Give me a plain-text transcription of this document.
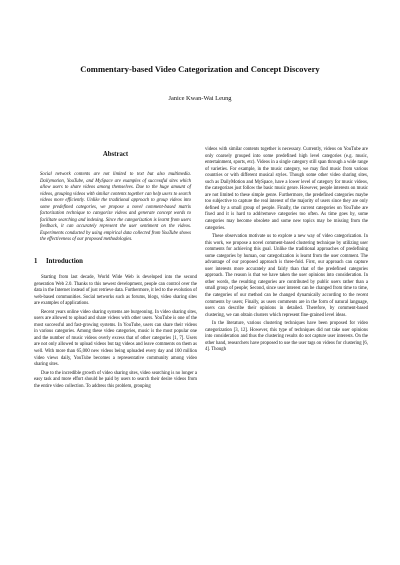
Commentary-based Video Categorization and Concept Discovery
Janice Kwan-Wai Leung
Abstract
Social network contents are not limited to text but also multimedia. Dailymotion, YouTube, and MySpace are examples of successful sites which allow users to share videos among themselves. Due to the huge amount of videos, grouping videos with similar contents together can help users to search videos more efficiently. Unlike the traditional approach to group videos into some predefined categories, we propose a novel comment-based matrix factorization technique to categorize videos and generate concept words to facilitate searching and indexing. Since the categorization is learnt from users feedback, it can accurately represent the user sentiment on the videos. Experiments conducted by using empirical data collected from YouTube shows the effectiveness of our proposed methodologies.
1 Introduction

Starting from last decade, World Wide Web is developed into the second generation Web 2.0. Thanks to this newest development, people can control over the data in the Internet instead of just retrieve data. Furthermore, it led to the evolution of web-based communities. Social networks such as forums, blogs, video sharing sites are examples of applications.

Recent years online video sharing systems are burgeoning. In video sharing sites, users are allowed to upload and share videos with other users. YouTube is one of the most successful and fast-growing systems. In YouTube, users can share their videos in various categories. Among these video categories, music is the most popular one and the number of music videos overly excess that of other categories [1, 7]. Users are not only allowed to upload videos but tag videos and leave comments on them as well. With more than 65,000 new videos being uploaded every day and 100 million video views daily, YouTube becomes a representative community among video sharing sites.

Due to the incredible growth of video sharing sites, video searching is no longer a easy task and more effort should be paid by users to search their desire videos from the entire video collection. To address this problem, grouping

videos with similar contents together is necessary. Currently, videos on YouTube are only coarsely grouped into some predefined high level categories (e.g. music, entertainment, sports, etc). Videos in a single category still span through a wide range of varieties. For example, in the music category, we may find music from various countries or with different musical styles. Though some other video sharing sites, such as DailyMotion and MySpace, have a lower level of category for music videos, the categorizes just follow the basic music genre. However, people interests on music are not limited to these simple genre. Furthermore, the predefined categories maybe too subjective to capture the real interest of the majority of users since they are only defined by a small group of people. Finally, the current categories on YouTube are fixed and it is hard to add/remove categories too often. As time goes by, some categories may become obsolete and some new topics may be missing from the categories.

These observation motivate us to explore a new way of video categorization. In this work, we propose a novel comment-based clustering technique by utilizing user comments for achieving this goal. Unlike the traditional approaches of predefining some categories by human, our categorization is learnt from the user comment. The advantage of our proposed approach is three-fold. First, our approach can capture user interests more accurately and fairly than that of the predefined categories approach. The reason is that we have taken the user opinions into consideration. In other words, the resulting categories are contributed by public users rather than a small group of people; Second, since user interest can be changed from time to time, the categories of our method can be changed dynamically according to the recent comments by users; Finally, as users comments are in the form of natural language, users can describe their opinions in detailed. Therefore, by comment-based clustering, we can obtain clusters which represent fine-grained level ideas.

In the literature, various clustering techniques have been proposed for video categorization [3, 12]. However, this type of techniques did not take user opinions into consideration and thus the clustering results do not capture user interests. On the other hand, researchers have proposed to use the user tags on videos for clustering [6, 4]. Though
